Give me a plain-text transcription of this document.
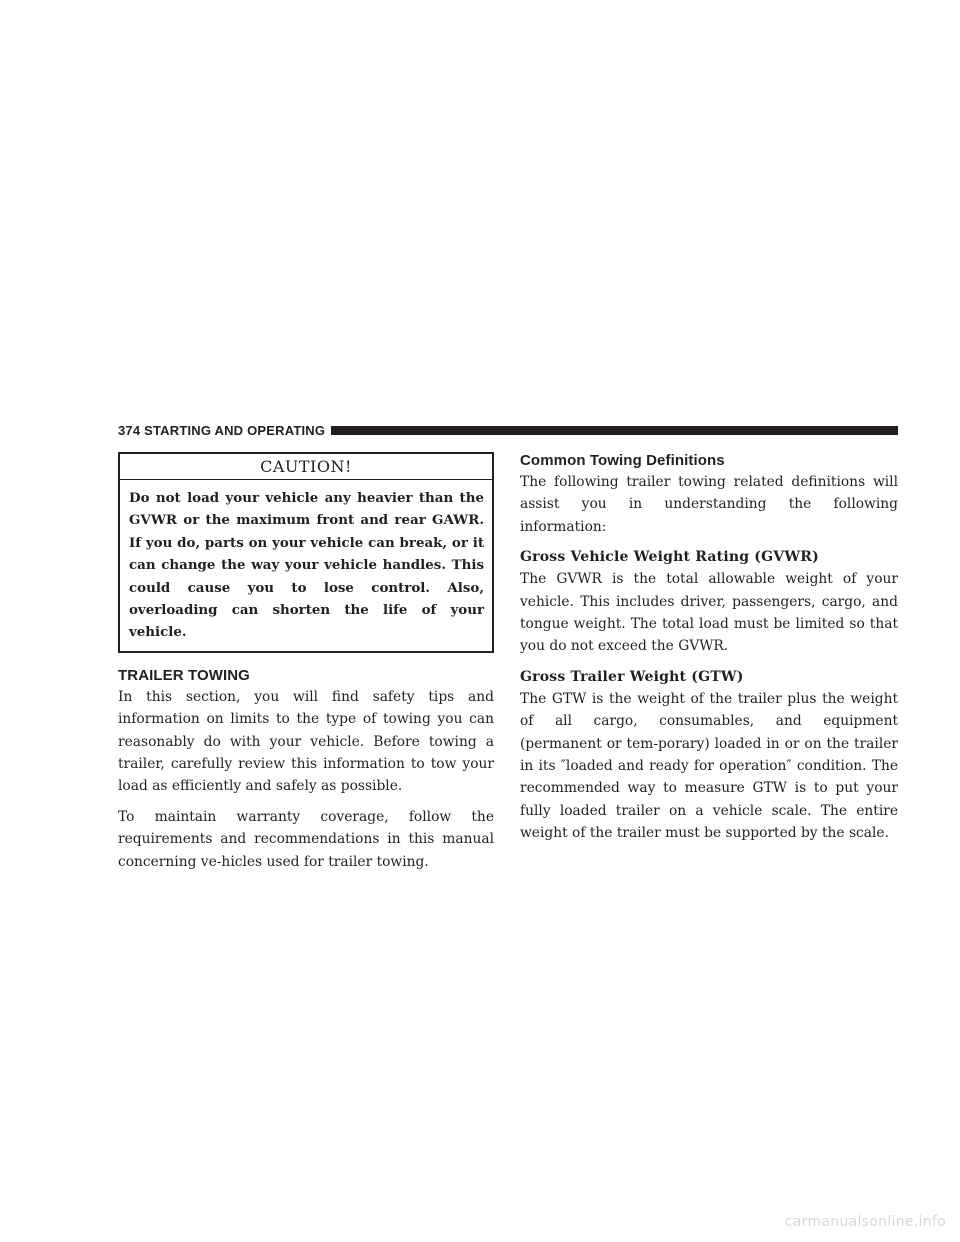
374 STARTING AND OPERATING
CAUTION!
Do not load your vehicle any heavier than the GVWR or the maximum front and rear GAWR. If you do, parts on your vehicle can break, or it can change the way your vehicle handles. This could cause you to lose control. Also, overloading can shorten the life of your vehicle.
TRAILER TOWING

In this section, you will find safety tips and information on limits to the type of towing you can reasonably do with your vehicle. Before towing a trailer, carefully review this information to tow your load as efficiently and safely as possible.

To maintain warranty coverage, follow the requirements and recommendations in this manual concerning ve-hicles used for trailer towing.

Common Towing Definitions

The following trailer towing related definitions will assist you in understanding the following information:

Gross Vehicle Weight Rating (GVWR)

The GVWR is the total allowable weight of your vehicle. This includes driver, passengers, cargo, and tongue weight. The total load must be limited so that you do not exceed the GVWR.

Gross Trailer Weight (GTW)

The GTW is the weight of the trailer plus the weight of all cargo, consumables, and equipment (permanent or tem-porary) loaded in or on the trailer in its ″loaded and ready for operation″ condition. The recommended way to measure GTW is to put your fully loaded trailer on a vehicle scale. The entire weight of the trailer must be supported by the scale.

carmanualsonline.info
